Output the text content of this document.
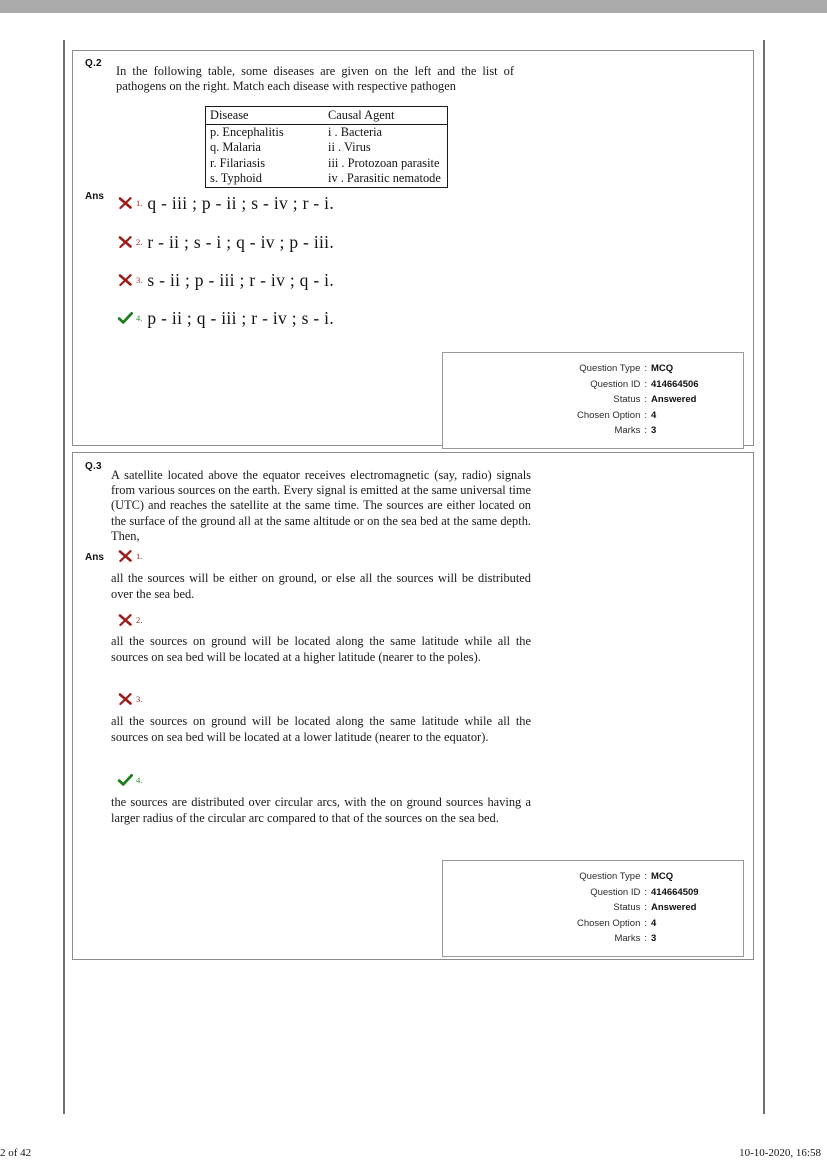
Q.2
In the following table, some diseases are given on the left and the list of pathogens on the right. Match each disease with respective pathogen
Disease	Causal Agent
p. Encephalitis	i . Bacteria
q. Malaria	ii . Virus
r. Filariasis	iii . Protozoan parasite
s. Typhoid	iv . Parasitic nematode
Ans
1. q - iii ; p - ii ; s - iv ; r - i.
2. r - ii ; s - i ; q - iv ; p - iii.
3. s - ii ; p - iii ; r - iv ; q - i.
4. p - ii ; q - iii ; r - iv ; s - i.
Question Type : MCQ
Question ID : 414664506
Status : Answered
Chosen Option : 4
Marks : 3
Q.3
A satellite located above the equator receives electromagnetic (say, radio) signals from various sources on the earth. Every signal is emitted at the same universal time (UTC) and reaches the satellite at the same time. The sources are either located on the surface of the ground all at the same altitude or on the sea bed at the same depth. Then,
Ans	1.
all the sources will be either on ground, or else all the sources will be distributed over the sea bed.
2.
all the sources on ground will be located along the same latitude while all the sources on sea bed will be located at a higher latitude (nearer to the poles).
3.
all the sources on ground will be located along the same latitude while all the sources on sea bed will be located at a lower latitude (nearer to the equator).
4.
the sources are distributed over circular arcs, with the on ground sources having a larger radius of the circular arc compared to that of the sources on the sea bed.
Question Type : MCQ
Question ID : 414664509
Status : Answered
Chosen Option : 4
Marks : 3
2 of 42	10-10-2020, 16:58
